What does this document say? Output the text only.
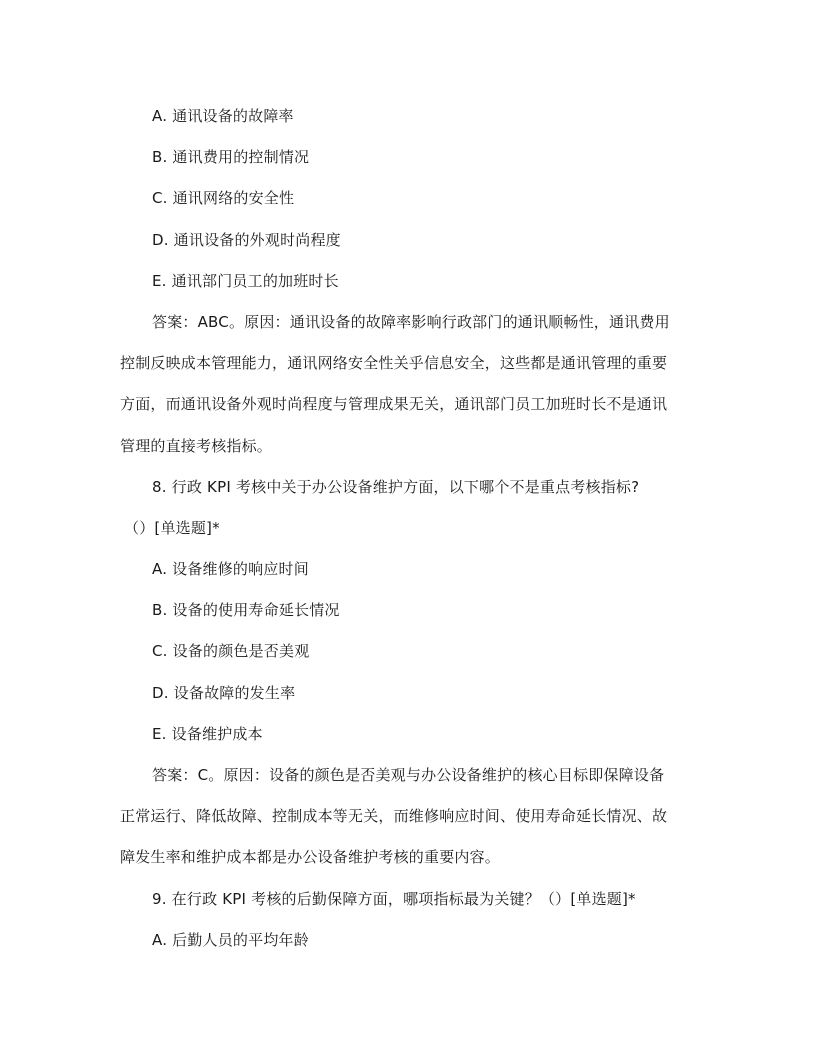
A. 通讯设备的故障率
B. 通讯费用的控制情况
C. 通讯网络的安全性
D. 通讯设备的外观时尚程度
E. 通讯部门员工的加班时长
答案：ABC。原因：通讯设备的故障率影响行政部门的通讯顺畅性，通讯费用
控制反映成本管理能力，通讯网络安全性关乎信息安全，这些都是通讯管理的重要
方面，而通讯设备外观时尚程度与管理成果无关，通讯部门员工加班时长不是通讯
管理的直接考核指标。
8. 行政 KPI 考核中关于办公设备维护方面，以下哪个不是重点考核指标?
（）[单选题]*
A. 设备维修的响应时间
B. 设备的使用寿命延长情况
C. 设备的颜色是否美观
D. 设备故障的发生率
E. 设备维护成本
答案：C。原因：设备的颜色是否美观与办公设备维护的核心目标即保障设备
正常运行、降低故障、控制成本等无关，而维修响应时间、使用寿命延长情况、故
障发生率和维护成本都是办公设备维护考核的重要内容。
9. 在行政 KPI 考核的后勤保障方面，哪项指标最为关键？（）[单选题]*
A. 后勤人员的平均年龄
